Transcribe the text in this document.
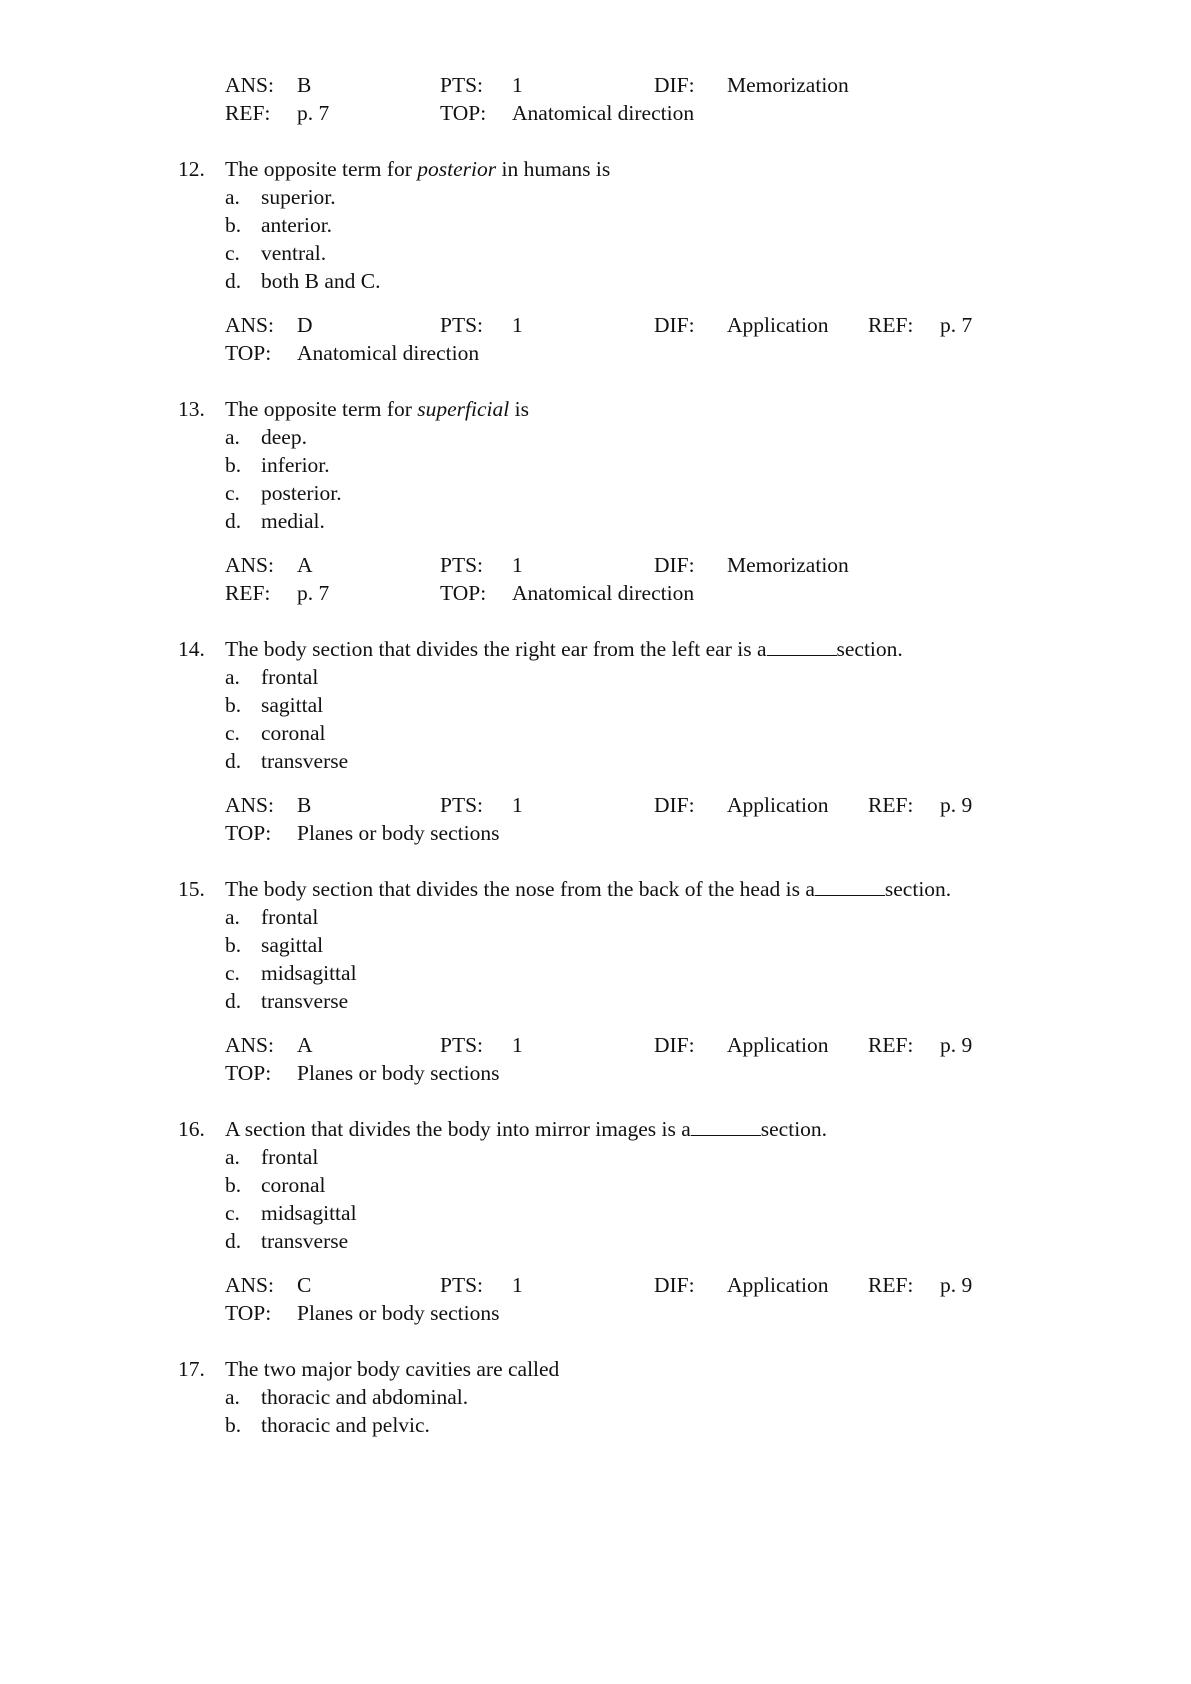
ANS: B	PTS: 1	DIF: Memorization
REF: p. 7	TOP: Anatomical direction
12. The opposite term for posterior in humans is
a. superior.
b. anterior.
c. ventral.
d. both B and C.
ANS: D	PTS: 1	DIF: Application REF: p. 7
TOP: Anatomical direction
13. The opposite term for superficial is
a. deep.
b. inferior.
c. posterior.
d. medial.
ANS: A	PTS: 1	DIF: Memorization
REF: p. 7	TOP: Anatomical direction
14. The body section that divides the right ear from the left ear is a	section.
a. frontal
b. sagittal
c. coronal
d. transverse
ANS: B	PTS: 1	DIF: Application REF: p. 9
TOP: Planes or body sections
15. The body section that divides the nose from the back of the head is a	section.
a. frontal
b. sagittal
c. midsagittal
d. transverse
ANS: A	PTS: 1	DIF: Application REF: p. 9
TOP: Planes or body sections
16. A section that divides the body into mirror images is a	section.
a. frontal
b. coronal
c. midsagittal
d. transverse
ANS: C	PTS: 1	DIF: Application REF: p. 9
TOP: Planes or body sections
17. The two major body cavities are called
a. thoracic and abdominal.
b. thoracic and pelvic.
